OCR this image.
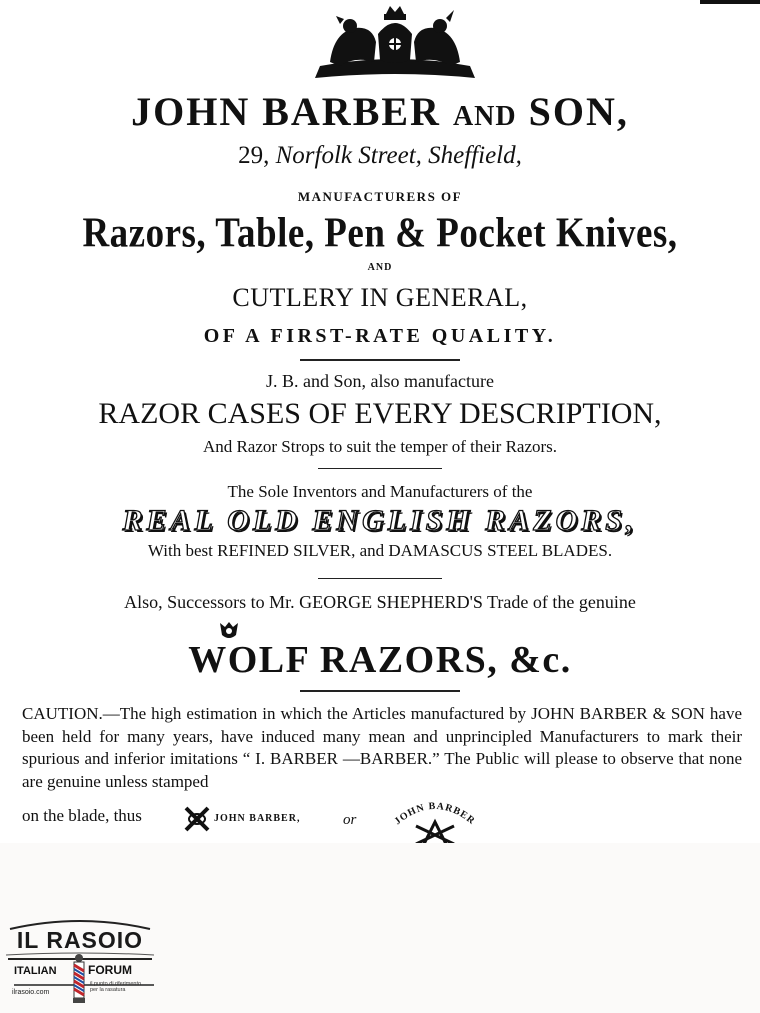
JOHN BARBER AND SON,
29, Norfolk Street, Sheffield,
MANUFACTURERS OF
Razors, Table, Pen & Pocket Knives,
AND
CUTLERY IN GENERAL,
OF A FIRST-RATE QUALITY.
J. B. and Son, also manufacture
RAZOR CASES OF EVERY DESCRIPTION,
And Razor Strops to suit the temper of their Razors.
The Sole Inventors and Manufacturers of the
REAL OLD ENGLISH RAZORS,
With best REFINED SILVER, and DAMASCUS STEEL BLADES.
Also, Successors to Mr. GEORGE SHEPHERD'S Trade of the genuine
WOLF RAZORS, &c.
CAUTION.—The high estimation in which the Articles manufactured by JOHN BARBER & SON have been held for many years, have induced many mean and unprincipled Manufacturers to mark their spurious and inferior imitations “ I. BARBER —BARBER.” The Public will please to observe that none are genuine unless stamped
on the blade, thus	JOHN BARBER,	or	JOHN BARBER
IL RASOIO
ITALIAN	FORUM
ilrasoio.com
il punto di riferimento per la rasatura
